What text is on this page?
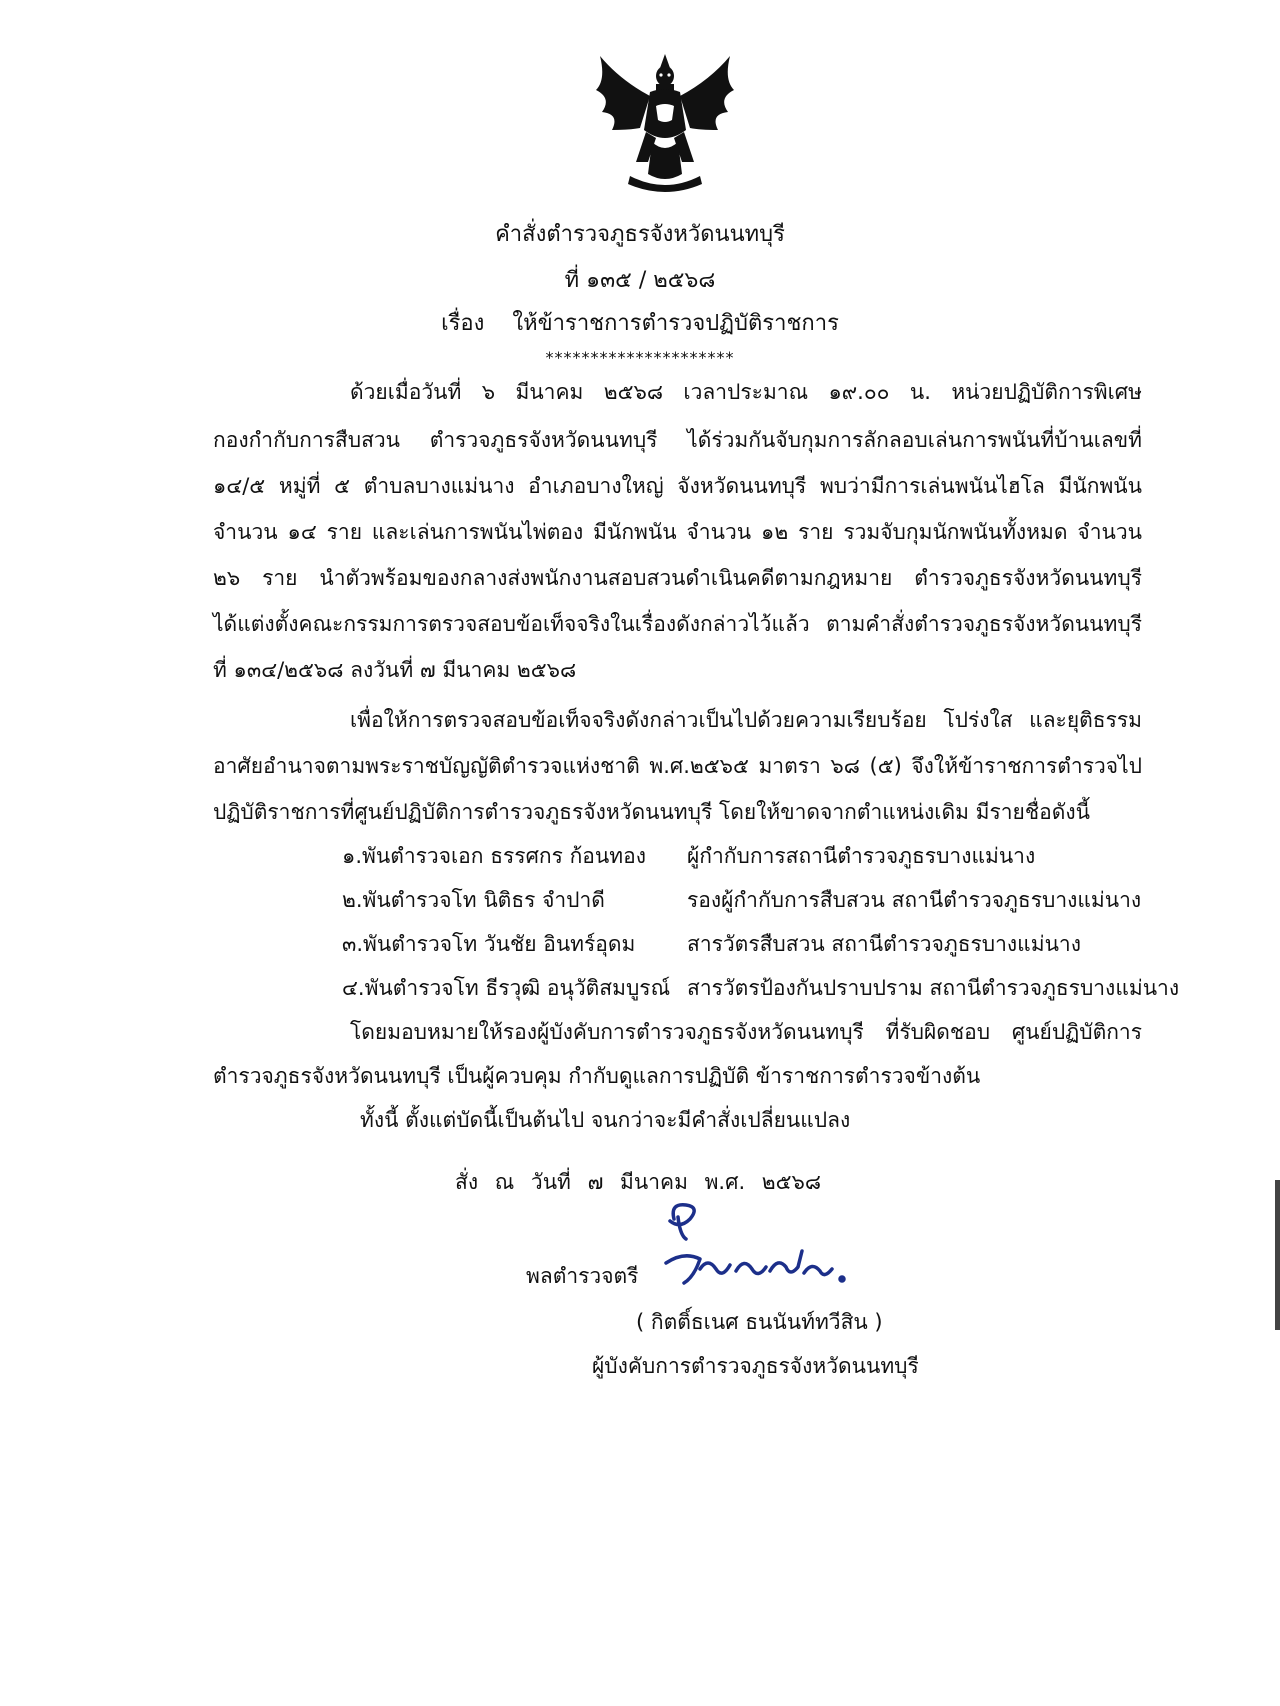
คำสั่งตำรวจภูธรจังหวัดนนทบุรี
ที่ ๑๓๕ / ๒๕๖๘
เรื่อง ให้ข้าราชการตำรวจปฏิบัติราชการ
*********************
ด้วยเมื่อวันที่ ๖ มีนาคม ๒๕๖๘ เวลาประมาณ ๑๙.๐๐ น. หน่วยปฏิบัติการพิเศษ
กองกำกับการสืบสวน ตำรวจภูธรจังหวัดนนทบุรี ได้ร่วมกันจับกุมการลักลอบเล่นการพนันที่บ้านเลขที่
๑๔/๕ หมู่ที่ ๕ ตำบลบางแม่นาง อำเภอบางใหญ่ จังหวัดนนทบุรี พบว่ามีการเล่นพนันไฮโล มีนักพนัน
จำนวน ๑๔ ราย และเล่นการพนันไพ่ตอง มีนักพนัน จำนวน ๑๒ ราย รวมจับกุมนักพนันทั้งหมด จำนวน
๒๖ ราย นำตัวพร้อมของกลางส่งพนักงานสอบสวนดำเนินคดีตามกฎหมาย ตำรวจภูธรจังหวัดนนทบุรี
ได้แต่งตั้งคณะกรรมการตรวจสอบข้อเท็จจริงในเรื่องดังกล่าวไว้แล้ว ตามคำสั่งตำรวจภูธรจังหวัดนนทบุรี
ที่ ๑๓๔/๒๕๖๘ ลงวันที่ ๗ มีนาคม ๒๕๖๘
เพื่อให้การตรวจสอบข้อเท็จจริงดังกล่าวเป็นไปด้วยความเรียบร้อย โปร่งใส และยุติธรรม
อาศัยอำนาจตามพระราชบัญญัติตำรวจแห่งชาติ พ.ศ.๒๕๖๕ มาตรา ๖๘ (๕) จึงให้ข้าราชการตำรวจไป
ปฏิบัติราชการที่ศูนย์ปฏิบัติการตำรวจภูธรจังหวัดนนทบุรี โดยให้ขาดจากตำแหน่งเดิม มีรายชื่อดังนี้
๑.พันตำรวจเอก ธรรศกร ก้อนทอง ผู้กำกับการสถานีตำรวจภูธรบางแม่นาง
๒.พันตำรวจโท นิติธร จำปาดี	รองผู้กำกับการสืบสวน สถานีตำรวจภูธรบางแม่นาง
๓.พันตำรวจโท วันชัย อินทร์อุดม สารวัตรสืบสวน สถานีตำรวจภูธรบางแม่นาง
๔.พันตำรวจโท ธีรวุฒิ อนุวัติสมบูรณ์ สารวัตรป้องกันปราบปราม สถานีตำรวจภูธรบางแม่นาง
โดยมอบหมายให้รองผู้บังคับการตำรวจภูธรจังหวัดนนทบุรี ที่รับผิดชอบ ศูนย์ปฏิบัติการ
ตำรวจภูธรจังหวัดนนทบุรี เป็นผู้ควบคุม กำกับดูแลการปฏิบัติ ข้าราชการตำรวจข้างต้น
ทั้งนี้ ตั้งแต่บัดนี้เป็นต้นไป จนกว่าจะมีคำสั่งเปลี่ยนแปลง
สั่ง ณ วันที่ ๗ มีนาคม พ.ศ. ๒๕๖๘
พลตำรวจตรี
( กิตติ์ธเนศ ธนนันท์ทวีสิน )
ผู้บังคับการตำรวจภูธรจังหวัดนนทบุรี
